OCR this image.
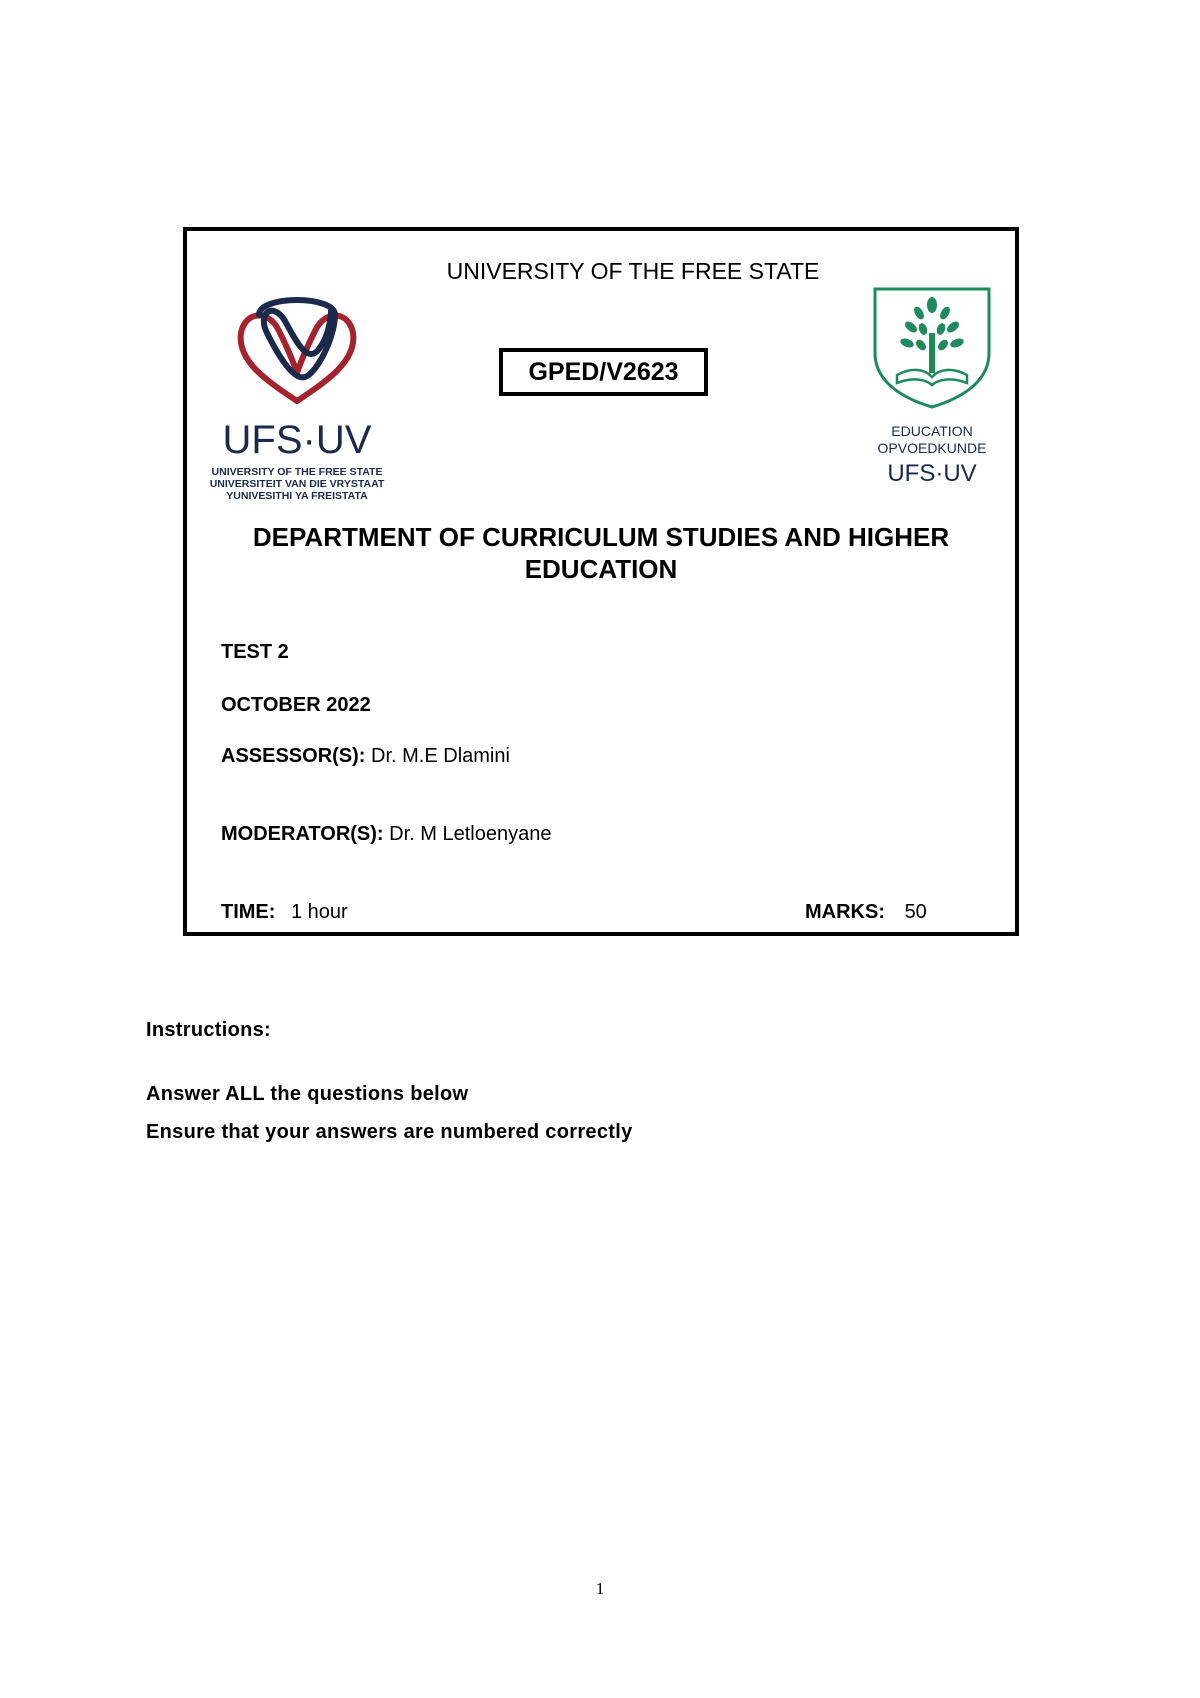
UFS·UV
UNIVERSITY OF THE FREE STATE
UNIVERSITEIT VAN DIE VRYSTAAT
YUNIVESITHI YA FREISTATA
UNIVERSITY OF THE FREE STATE
GPED/V2623
EDUCATION
OPVOEDKUNDE
UFS·UV
DEPARTMENT OF CURRICULUM STUDIES AND HIGHER EDUCATION
TEST 2
OCTOBER 2022
ASSESSOR(S): Dr. M.E Dlamini
MODERATOR(S): Dr. M Letloenyane
TIME: 1 hour	MARKS: 50
Instructions:
Answer ALL the questions below
Ensure that your answers are numbered correctly
1
